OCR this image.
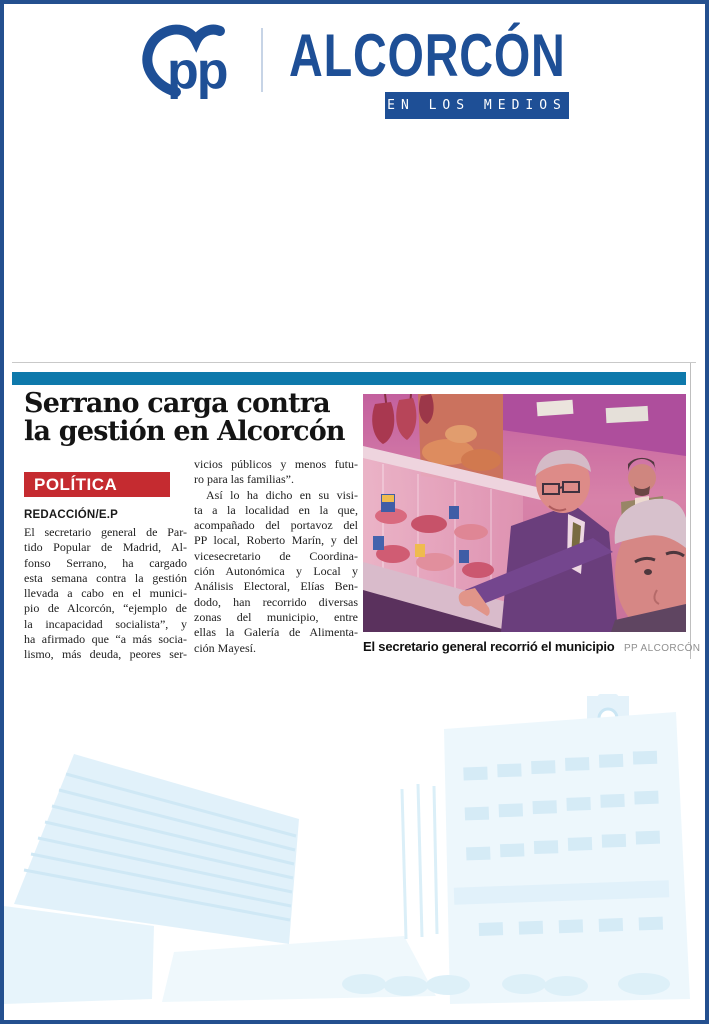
pp ALCORCÓN
EN LOS MEDIOS
Serrano carga contra
la gestión en Alcorcón
POLÍTICA
REDACCIÓN/E.P
El secretario general de Par-
tido Popular de Madrid, Al-
fonso Serrano, ha cargado
esta semana contra la gestión
llevada a cabo en el munici-
pio de Alcorcón, “ejemplo de
la incapacidad socialista”, y
ha afirmado que “a más socia-
lismo, más deuda, peores ser-
vicios públicos y menos futu-
ro para las familias”.
 Así lo ha dicho en su visi-
ta a la localidad en la que,
acompañado del portavoz del
PP local, Roberto Marín, y del
vicesecretario de Coordina-
ción Autonómica y Local y
Análisis Electoral, Elías Ben-
dodo, han recorrido diversas
zonas del municipio, entre
ellas la Galería de Alimenta-
ción Mayesí.	El secretario general recorrió el municipio PP ALCORCÓN
